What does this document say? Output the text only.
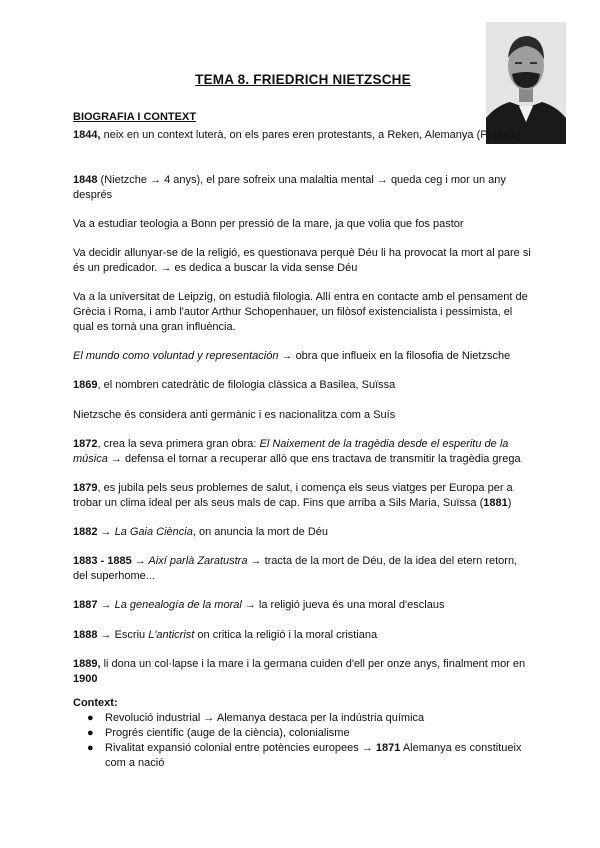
TEMA 8. FRIEDRICH NIETZSCHE
BIOGRAFIA I CONTEXT

1844, neix en un context luterà, on els pares eren protestants, a Reken, Alemanya (Prússia)

1848 (Nietzche → 4 anys), el pare sofreix una malaltia mental → queda ceg i mor un any després

Va a estudiar teologia a Bonn per pressió de la mare, ja que volia que fos pastor

Va decidir allunyar-se de la religió, es questionava perquè Déu li ha provocat la mort al pare si és un predicador. → es dedica a buscar la vida sense Déu

Va a la universitat de Leipzig, on estudià filologia. Allí entra en contacte amb el pensament de Grècia i Roma, i amb l'autor Arthur Schopenhauer, un filòsof existencialista i pessimista, el qual es tornà una gran influència.

El mundo como voluntad y representación → obra que influeix en la filosofia de Nietzsche

1869, el nombren catedràtic de filologia clàssica a Basilea, Suïssa

Nietzsche és considera anti germànic i es nacionalitza com a Suís

1872, crea la seva primera gran obra: El Naixement de la tragèdia desde el esperitu de la música → defensa el tornar a recuperar allò que ens tractava de transmitir la tragèdia grega

1879, es jubila pels seus problemes de salut, i comença els seus viatges per Europa per a trobar un clima ideal per als seus mals de cap. Fins que arriba a Sils Maria, Suïssa (1881)

1882 → La Gaia Ciència, on anuncia la mort de Déu

1883 - 1885 → Així parlà Zaratustra → tracta de la mort de Déu, de la idea del etern retorn, del superhome...

1887 → La genealogía de la moral → la religió jueva és una moral d'esclaus

1888 → Escriu L'anticrist on critica la religió i la moral cristiana

1889, li dona un col·lapse i la mare i la germana cuiden d'ell per onze anys, finalment mor en 1900

Context:
● Revolució industrial → Alemanya destaca per la indústria química
● Progrés científic (auge de la ciència), colonialisme
● Rivalitat expansió colonial entre potències europees → 1871 Alemanya es constitueix com a nació
